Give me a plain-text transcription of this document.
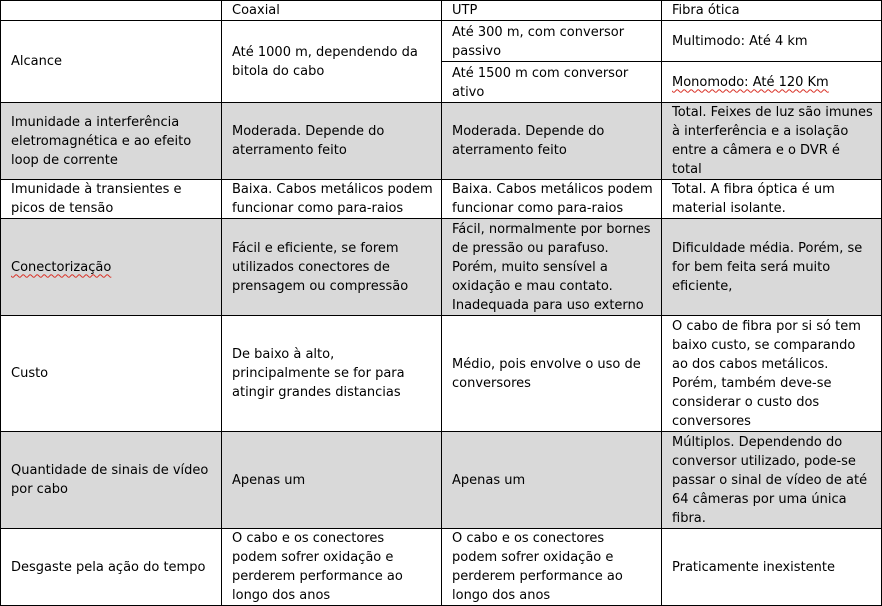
	Coaxial	UTP	Fibra ótica
Alcance	Até 1000 m, dependendo da bitola do cabo	Até 300 m, com conversor passivo	Multimodo: Até 4 km
		Até 1500 m com conversor ativo	Monomodo: Até 120 Km
Imunidade a interferência eletromagnética e ao efeito loop de corrente	Moderada. Depende do aterramento feito	Moderada. Depende do aterramento feito	Total. Feixes de luz são imunes à interferência e a isolação entre a câmera e o DVR é total
Imunidade à transientes e picos de tensão	Baixa. Cabos metálicos podem funcionar como para-raios	Baixa. Cabos metálicos podem funcionar como para-raios	Total. A fibra óptica é um material isolante.
Conectorização	Fácil e eficiente, se forem utilizados conectores de prensagem ou compressão	Fácil, normalmente por bornes de pressão ou parafuso. Porém, muito sensível a oxidação e mau contato. Inadequada para uso externo	Dificuldade média. Porém, se for bem feita será muito eficiente,
Custo	De baixo à alto, principalmente se for para atingir grandes distancias	Médio, pois envolve o uso de conversores	O cabo de fibra por si só tem baixo custo, se comparando ao dos cabos metálicos. Porém, também deve-se considerar o custo dos conversores
Quantidade de sinais de vídeo por cabo	Apenas um	Apenas um	Múltiplos. Dependendo do conversor utilizado, pode-se passar o sinal de vídeo de até 64 câmeras por uma única fibra.
Desgaste pela ação do tempo	O cabo e os conectores podem sofrer oxidação e perderem performance ao longo dos anos	O cabo e os conectores podem sofrer oxidação e perderem performance ao longo dos anos	Praticamente inexistente
